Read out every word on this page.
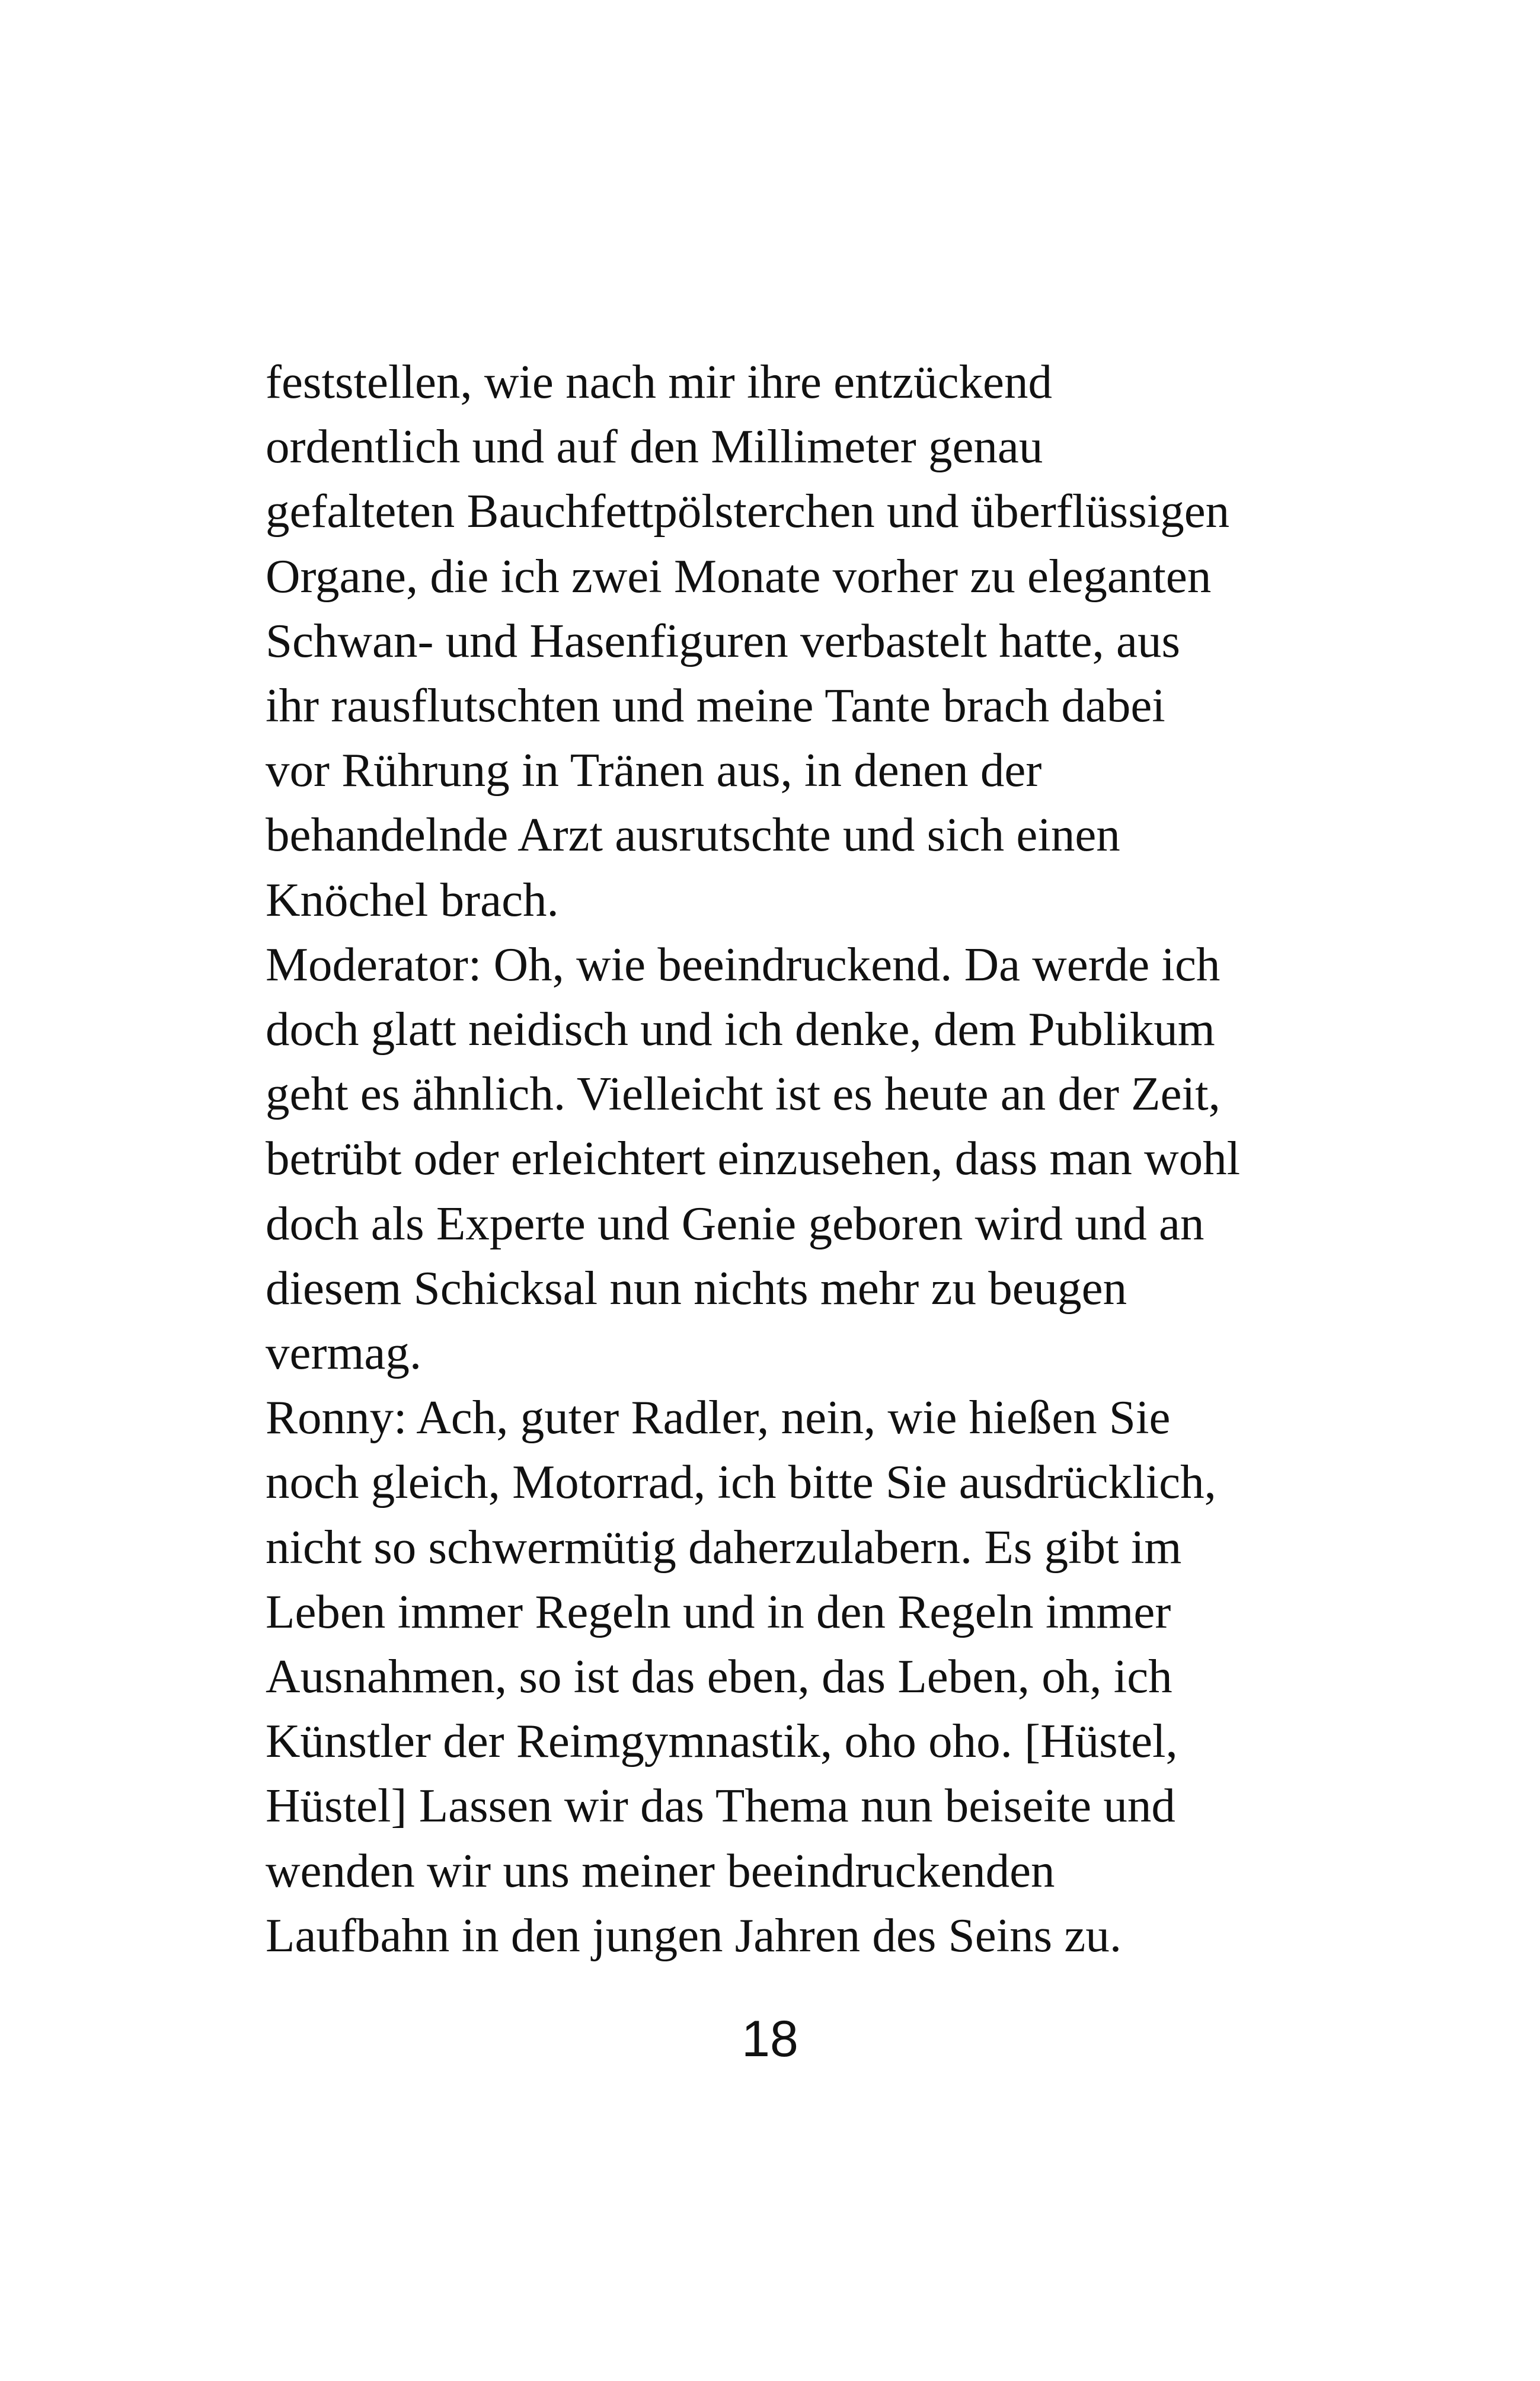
feststellen, wie nach mir ihre entzückend
ordentlich und auf den Millimeter genau
gefalteten Bauchfettpölsterchen und überflüssigen
Organe, die ich zwei Monate vorher zu eleganten
Schwan- und Hasenfiguren verbastelt hatte, aus
ihr rausflutschten und meine Tante brach dabei
vor Rührung in Tränen aus, in denen der
behandelnde Arzt ausrutschte und sich einen
Knöchel brach.
Moderator: Oh, wie beeindruckend. Da werde ich
doch glatt neidisch und ich denke, dem Publikum
geht es ähnlich. Vielleicht ist es heute an der Zeit,
betrübt oder erleichtert einzusehen, dass man wohl
doch als Experte und Genie geboren wird und an
diesem Schicksal nun nichts mehr zu beugen
vermag.
Ronny: Ach, guter Radler, nein, wie hießen Sie
noch gleich, Motorrad, ich bitte Sie ausdrücklich,
nicht so schwermütig daherzulabern. Es gibt im
Leben immer Regeln und in den Regeln immer
Ausnahmen, so ist das eben, das Leben, oh, ich
Künstler der Reimgymnastik, oho oho. [Hüstel,
Hüstel] Lassen wir das Thema nun beiseite und
wenden wir uns meiner beeindruckenden
Laufbahn in den jungen Jahren des Seins zu.
18
